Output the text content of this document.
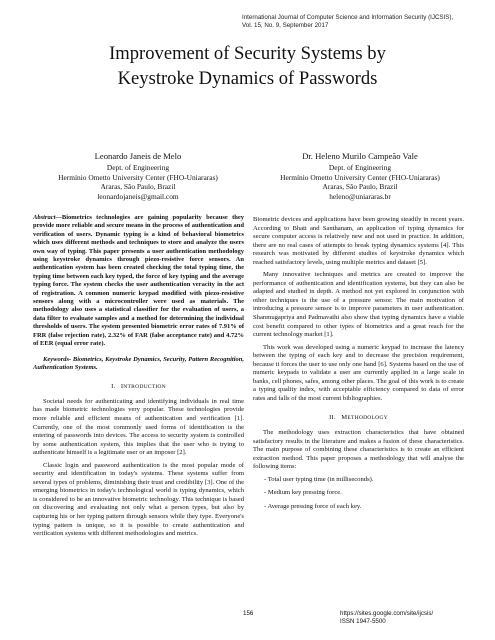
International Journal of Computer Science and Information Security (IJCSIS),
Vol. 15, No. 9, September 2017
Improvement of Security Systems by
Keystroke Dynamics of Passwords
Leonardo Janeis de Melo
Dept. of Engineering
Hermínio Ometto University Center (FHO-Uniararas)
Araras, São Paulo, Brazil
leonardojaneis@gmail.com
Dr. Heleno Murilo Campeão Vale
Dept. of Engineering
Hermínio Ometto University Center (FHO-Uniararas)
Araras, São Paulo, Brazil
heleno@uniararas.br
Abstract—Biometrics technologies are gaining popularity because they provide more reliable and secure means in the process of authentication and verification of users. Dynamic typing is a kind of behavioral biometrics which uses different methods and techniques to store and analyze the users own way of typing. This paper presents a user authentication methodology using keystroke dynamics through piezo-resistive force sensors. An authentication system has been created checking the total typing time, the typing time between each key typed, the force of key typing and the average typing force. The system checks the user authentication veracity in the act of registration. A common numeric keypad modified with piezo-resistive sensors along with a microcontroller were used as materials. The methodology also uses a statistical classifier for the evaluation of users, a data filter to evaluate samples and a method for determining the individual thresholds of users. The system presented biometric error rates of 7.91% of FRR (false rejection rate), 2.32% of FAR (false acceptance rate) and 4.72% of EER (equal error rate).
Keywords- Biometrics, Keystroke Dynamics, Security, Pattern Recognition, Authentication Systems.
I. INTRODUCTION

Societal needs for authenticating and identifying individuals in real time has made biometric technologies very popular. These technologies provide more reliable and efficient means of authentication and verification [1]. Currently, one of the most commonly used forms of identification is the entering of passwords into devices. The access to security system is controlled by some authentication system, this implies that the user who is trying to authenticate himself is a legitimate user or an imposer [2].

Classic login and password authentication is the most popular mode of security and identification in today's systems. These systems suffer from several types of problems, diminishing their trust and credibility [3]. One of the emerging biometrics in today's technological world is typing dynamics, which is considered to be an innovative biometric technology. This technique is based on discovering and evaluating not only what a person types, but also by capturing his or her typing pattern through sensors while they type. Everyone's typing pattern is unique, so it is possible to create authentication and verification systems with different methodologies and metrics.

Biometric devices and applications have been growing steadily in recent years. According to Bhatt and Santhanam, an application of typing dynamics for secure computer access is relatively new and not used in practice. In addition, there are no real cases of attempts to break typing dynamics systems [4]. This research was motivated by different studies of keystroke dynamics which reached satisfactory levels, using multiple metrics and dataset [5].

Many innovative techniques and metrics are created to improve the performance of authentication and identification systems, but they can also be adapted and studied in depth. A method not yet explored in conjunction with other techniques is the use of a pressure sensor. The main motivation of introducing a pressure sensor is to improve parameters in user authentication. Shanmugapriya and Padmavathi also show that typing dynamics have a viable cost benefit compared to other types of biometrics and a great reach for the current technology market [1].

This work was developed using a numeric keypad to increase the latency between the typing of each key and to decrease the precision requirement, because it forces the user to use only one hand [6]. Systems based on the use of numeric keypads to validate a user are currently applied in a large scale in banks, cell phones, safes, among other places. The goal of this work is to create a typing quality index, with acceptable efficiency compared to data of error rates and falls of the most current bibliographies.

II. METHODOLOGY

The methodology uses extraction characteristics that have obtained satisfactory results in the literature and makes a fusion of these characteristics. The main purpose of combining these characteristics is to create an efficient extraction method. This paper proposes a methodology that will analyse the following items:

- Total user typing time (in milliseconds).

- Medium key pressing force.

- Average pressing force of each key.

156	https://sites.google.com/site/ijcsis/
ISSN 1947-5500
